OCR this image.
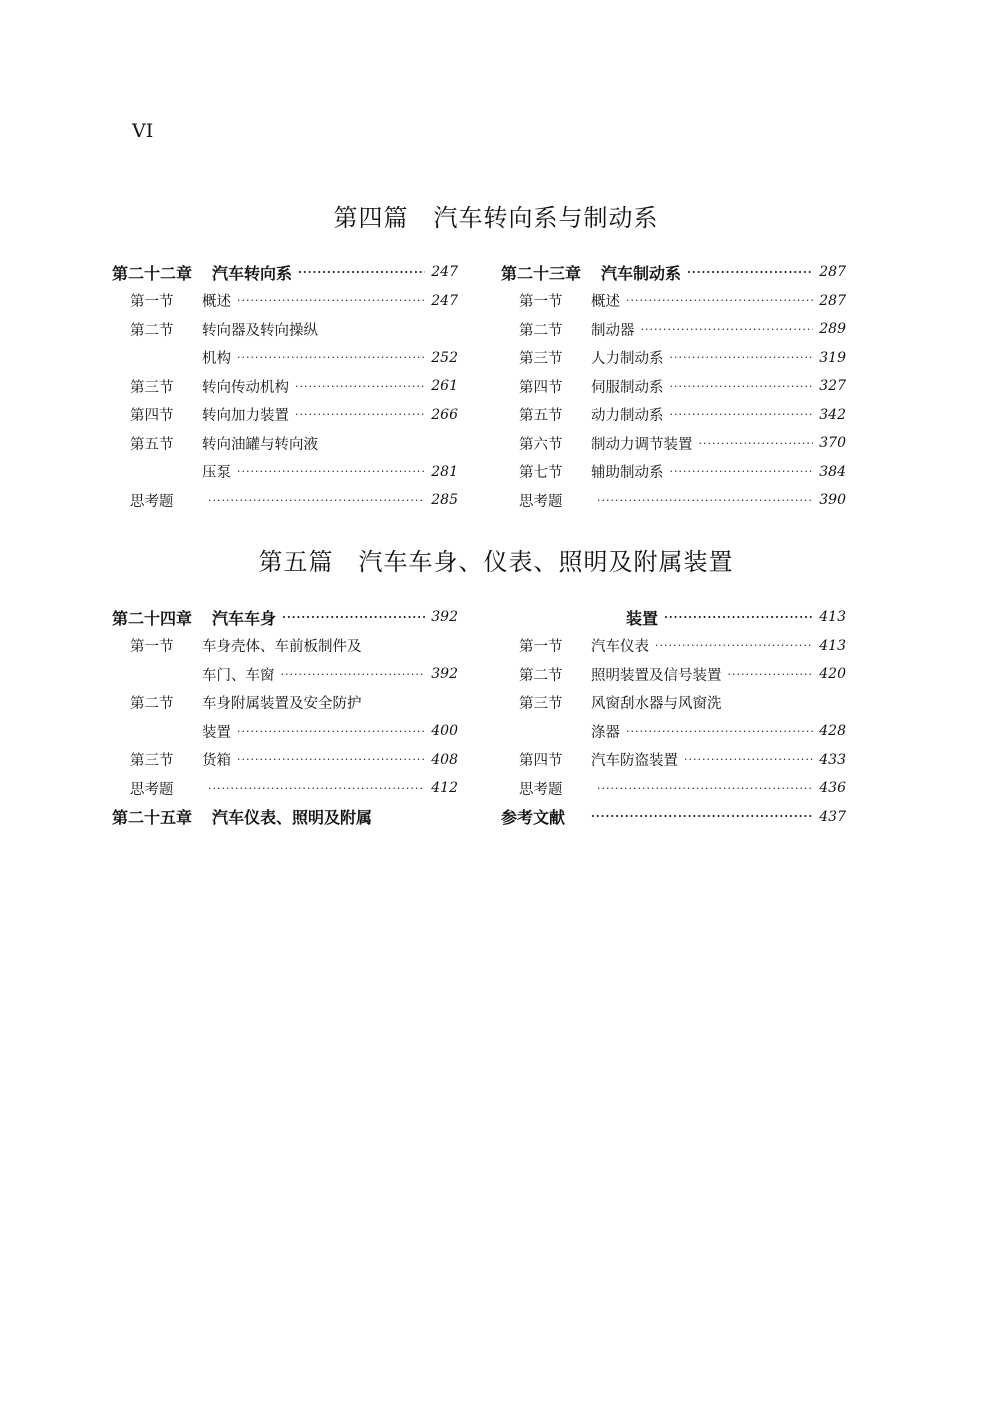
VI
第四篇　汽车转向系与制动系
第二十二章 汽车转向系 ·····	247
第一节	概述 ·····	247
第二节	转向器及转向操纵
机构 ·····	252
第三节	转向传动机构 ·····	261
第四节	转向加力装置 ·····	266
第五节	转向油罐与转向液
压泵 ·····	281
思考题 ·····	285
第二十三章 汽车制动系 ·····	287
第一节	概述 ·····	287
第二节	制动器 ·····	289
第三节	人力制动系 ·····	319
第四节	伺服制动系 ·····	327
第五节	动力制动系 ·····	342
第六节	制动力调节装置 ·····	370
第七节	辅助制动系 ·····	384
思考题 ·····	390
第五篇　汽车车身、仪表、照明及附属装置
第二十四章 汽车车身 ·····	392
第一节	车身壳体、车前板制件及
车门、车窗 ·····	392
第二节	车身附属装置及安全防护
装置 ·····	400
第三节	货箱 ·····	408
思考题 ·····	412
第二十五章 汽车仪表、照明及附属
装置 ·····	413
第一节	汽车仪表 ·····	413
第二节	照明装置及信号装置 ·····	420
第三节	风窗刮水器与风窗洗
涤器 ·····	428
第四节	汽车防盗装置 ·····	433
思考题 ·····	436
参考文献 ·····	437
